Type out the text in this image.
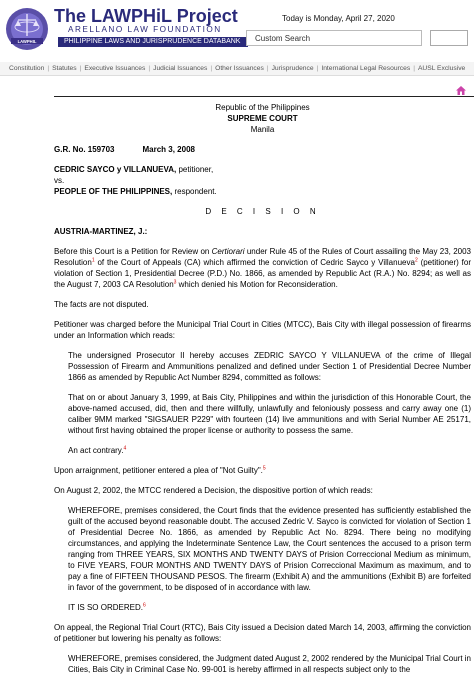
LAWPHIL
The LAWPHiL Project
ARELLANO LAW FOUNDATION
PHILIPPINE LAWS AND JURISPRUDENCE DATABANK
Today is Monday, April 27, 2020
Custom Search
Constitution | Statutes | Executive Issuances | Judicial Issuances | Other Issuances | Jurisprudence | International Legal Resources | AUSL Exclusive
Republic of the Philippines
SUPREME COURT
Manila
G.R. No. 159703	March 3, 2008
CEDRIC SAYCO y VILLANUEVA, petitioner,
vs.
PEOPLE OF THE PHILIPPINES, respondent.
D E C I S I O N
AUSTRIA-MARTINEZ, J.:
Before this Court is a Petition for Review on Certiorari under Rule 45 of the Rules of Court assailing the May 23, 2003 Resolution$^1$ of the Court of Appeals (CA) which affirmed the conviction of Cedric Sayco y Villanueva$^2$ (petitioner) for violation of Section 1, Presidential Decree (P.D.) No. 1866, as amended by Republic Act (R.A.) No. 8294; as well as the August 7, 2003 CA Resolution$^3$ which denied his Motion for Reconsideration.
The facts are not disputed.
Petitioner was charged before the Municipal Trial Court in Cities (MTCC), Bais City with illegal possession of firearms under an Information which reads:
The undersigned Prosecutor II hereby accuses ZEDRIC SAYCO Y VILLANUEVA of the crime of Illegal Possession of Firearm and Ammunitions penalized and defined under Section 1 of Presidential Decree Number 1866 as amended by Republic Act Number 8294, committed as follows:
That on or about January 3, 1999, at Bais City, Philippines and within the jurisdiction of this Honorable Court, the above-named accused, did, then and there willfully, unlawfully and feloniously possess and carry away one (1) caliber 9MM marked "SIGSAUER P229" with fourteen (14) live ammunitions and with Serial Number AE 25171, without first having obtained the proper license or authority to possess the same.
An act contrary.$^4$
Upon arraignment, petitioner entered a plea of "Not Guilty".$^5$
On August 2, 2002, the MTCC rendered a Decision, the dispositive portion of which reads:
WHEREFORE, premises considered, the Court finds that the evidence presented has sufficiently established the guilt of the accused beyond reasonable doubt. The accused Zedric V. Sayco is convicted for violation of Section 1 of Presidential Decree No. 1866, as amended by Republic Act No. 8294. There being no modifying circumstances, and applying the Indeterminate Sentence Law, the Court sentences the accused to a prison term ranging from THREE YEARS, SIX MONTHS AND TWENTY DAYS of Prision Correccional Medium as minimum, to FIVE YEARS, FOUR MONTHS AND TWENTY DAYS of Prision Correccional Maximum as maximum, and to pay a fine of FIFTEEN THOUSAND PESOS. The firearm (Exhibit A) and the ammunitions (Exhibit B) are forfeited in favor of the government, to be disposed of in accordance with law.
IT IS SO ORDERED.$^6$
On appeal, the Regional Trial Court (RTC), Bais City issued a Decision dated March 14, 2003, affirming the conviction of petitioner but lowering his penalty as follows:
WHEREFORE, premises considered, the Judgment dated August 2, 2002 rendered by the Municipal Trial Court in Cities, Bais City in Criminal Case No. 99-001 is hereby affirmed in all respects subject only to the
